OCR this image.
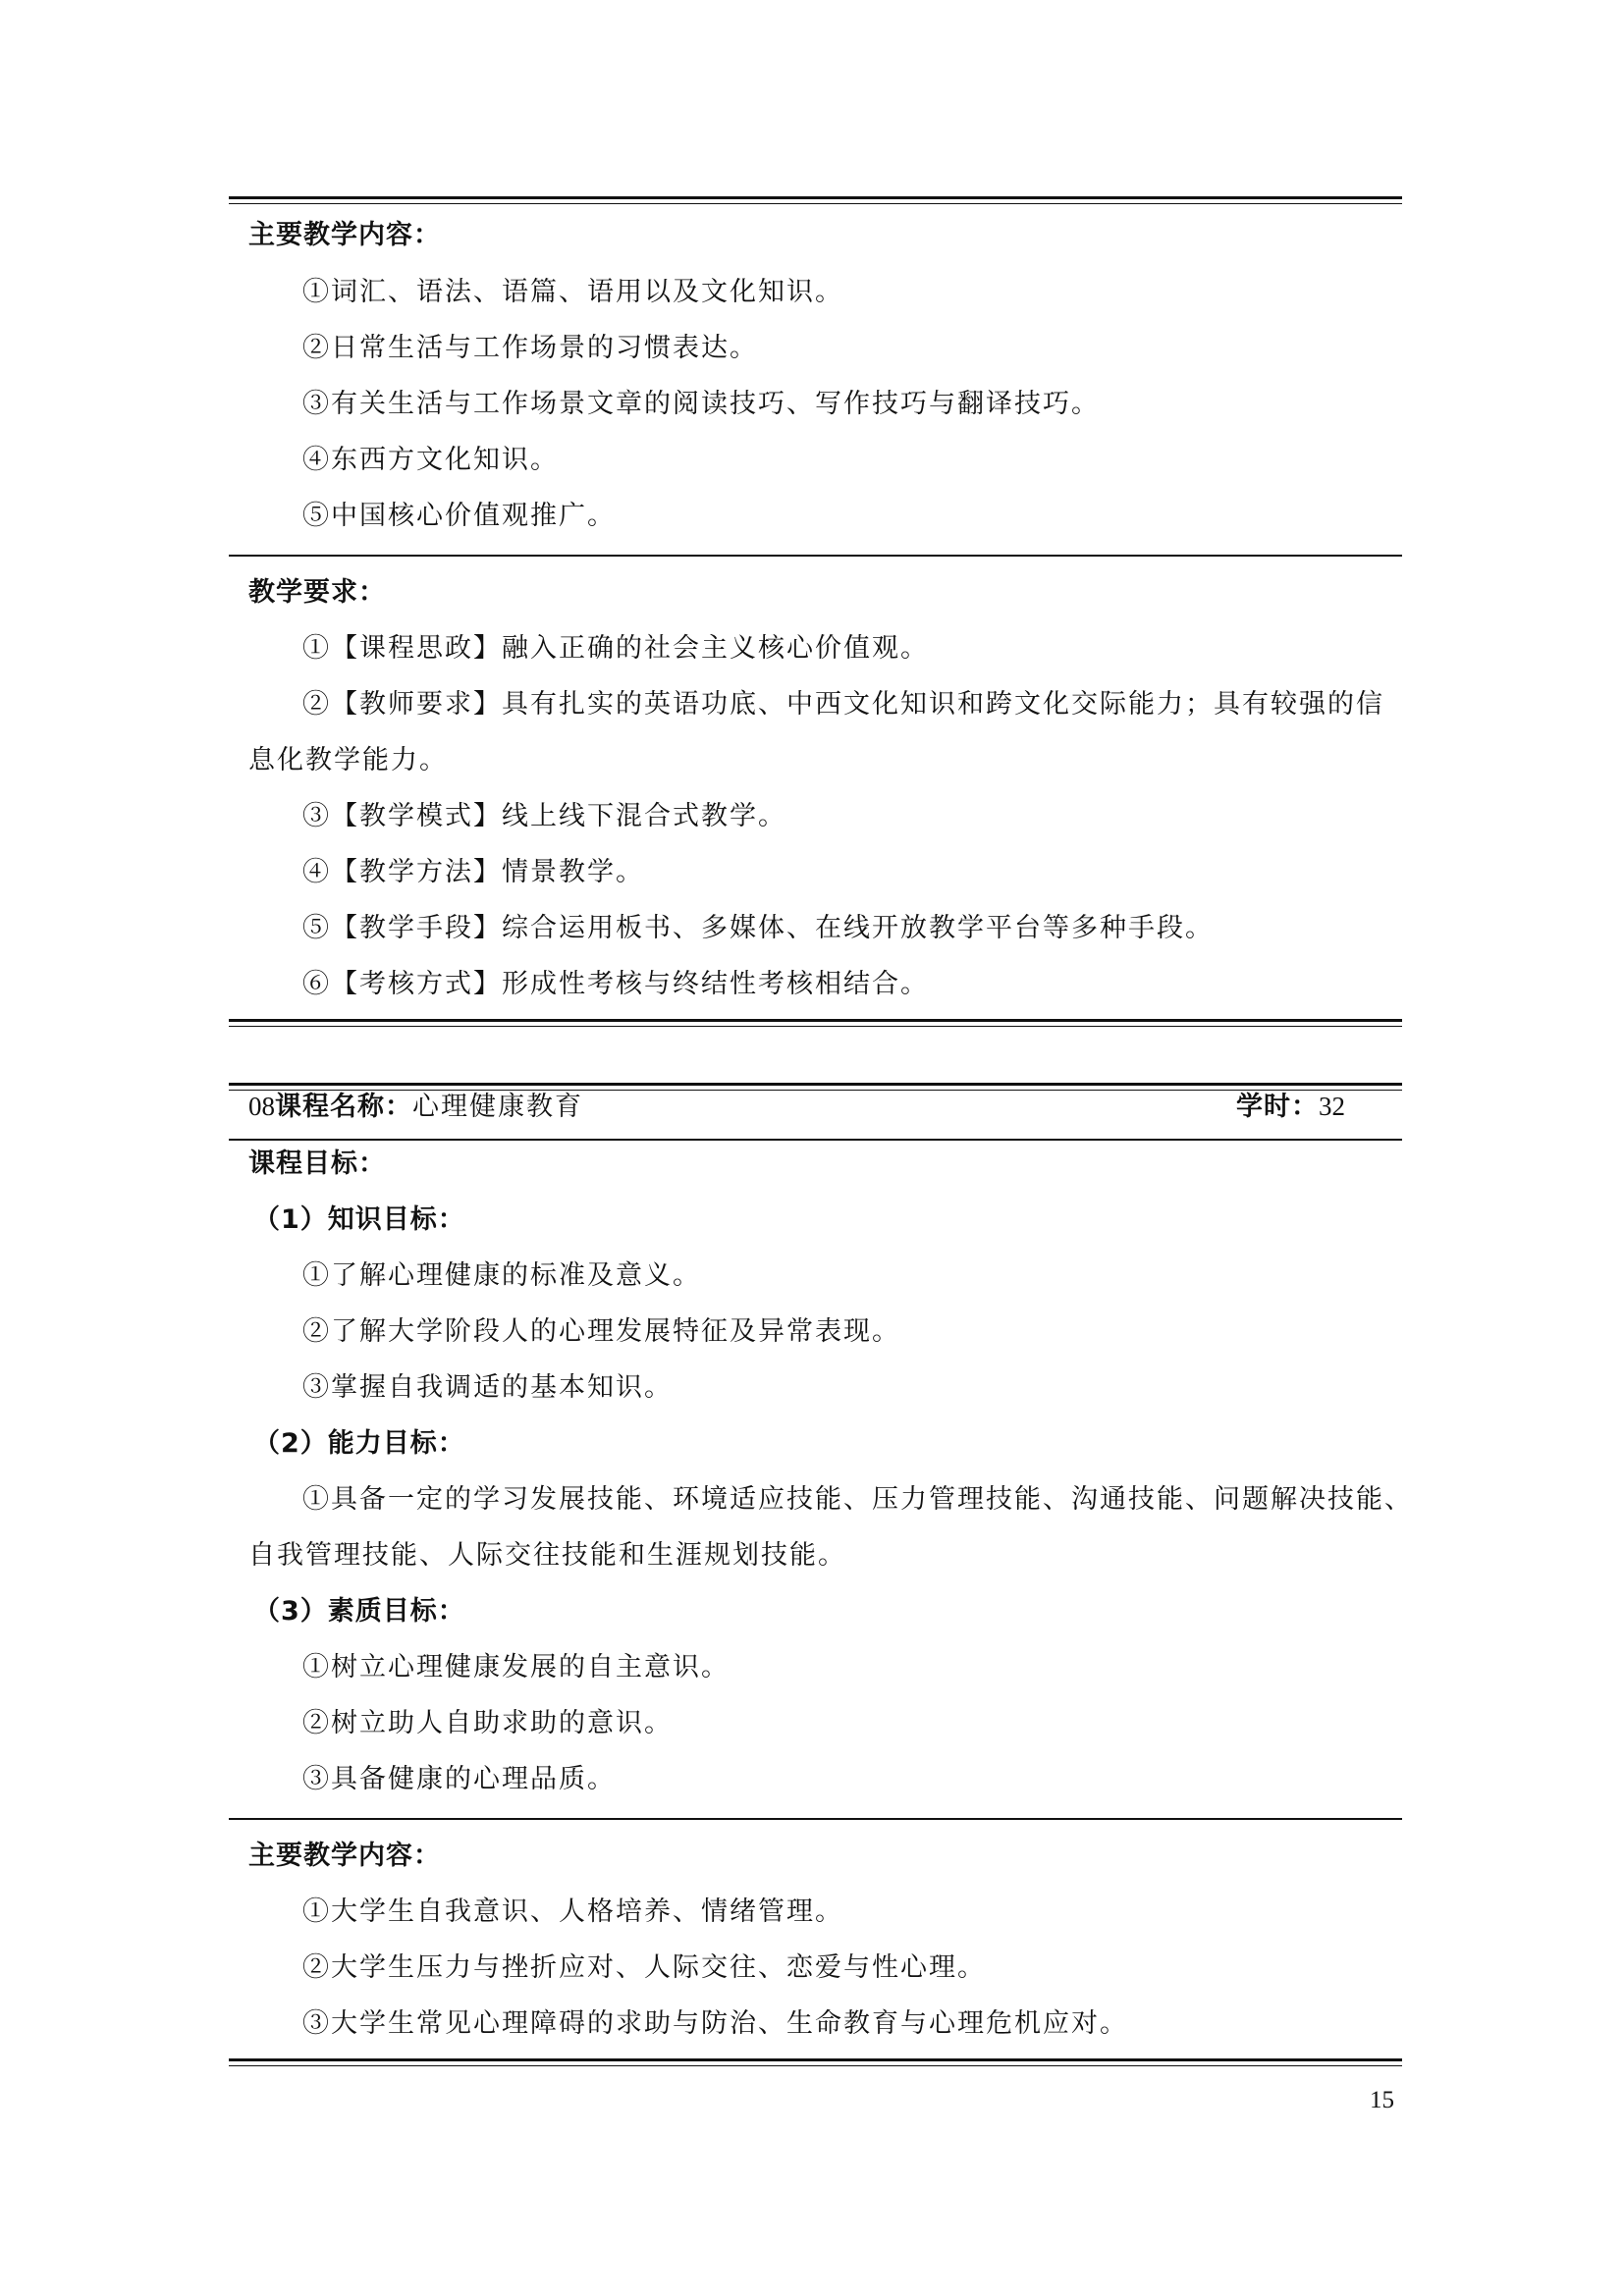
主要教学内容：
①词汇、语法、语篇、语用以及文化知识。
②日常生活与工作场景的习惯表达。
③有关生活与工作场景文章的阅读技巧、写作技巧与翻译技巧。
④东西方文化知识。
⑤中国核心价值观推广。
教学要求：
①【课程思政】融入正确的社会主义核心价值观。
②【教师要求】具有扎实的英语功底、中西文化知识和跨文化交际能力；具有较强的信
息化教学能力。
③【教学模式】线上线下混合式教学。
④【教学方法】情景教学。
⑤【教学手段】综合运用板书、多媒体、在线开放教学平台等多种手段。
⑥【考核方式】形成性考核与终结性考核相结合。
08课程名称：心理健康教育	学时：32
课程目标：
（1）知识目标：
①了解心理健康的标准及意义。
②了解大学阶段人的心理发展特征及异常表现。
③掌握自我调适的基本知识。
（2）能力目标：
①具备一定的学习发展技能、环境适应技能、压力管理技能、沟通技能、问题解决技能、
自我管理技能、人际交往技能和生涯规划技能。
（3）素质目标：
①树立心理健康发展的自主意识。
②树立助人自助求助的意识。
③具备健康的心理品质。
主要教学内容：
①大学生自我意识、人格培养、情绪管理。
②大学生压力与挫折应对、人际交往、恋爱与性心理。
③大学生常见心理障碍的求助与防治、生命教育与心理危机应对。
15
